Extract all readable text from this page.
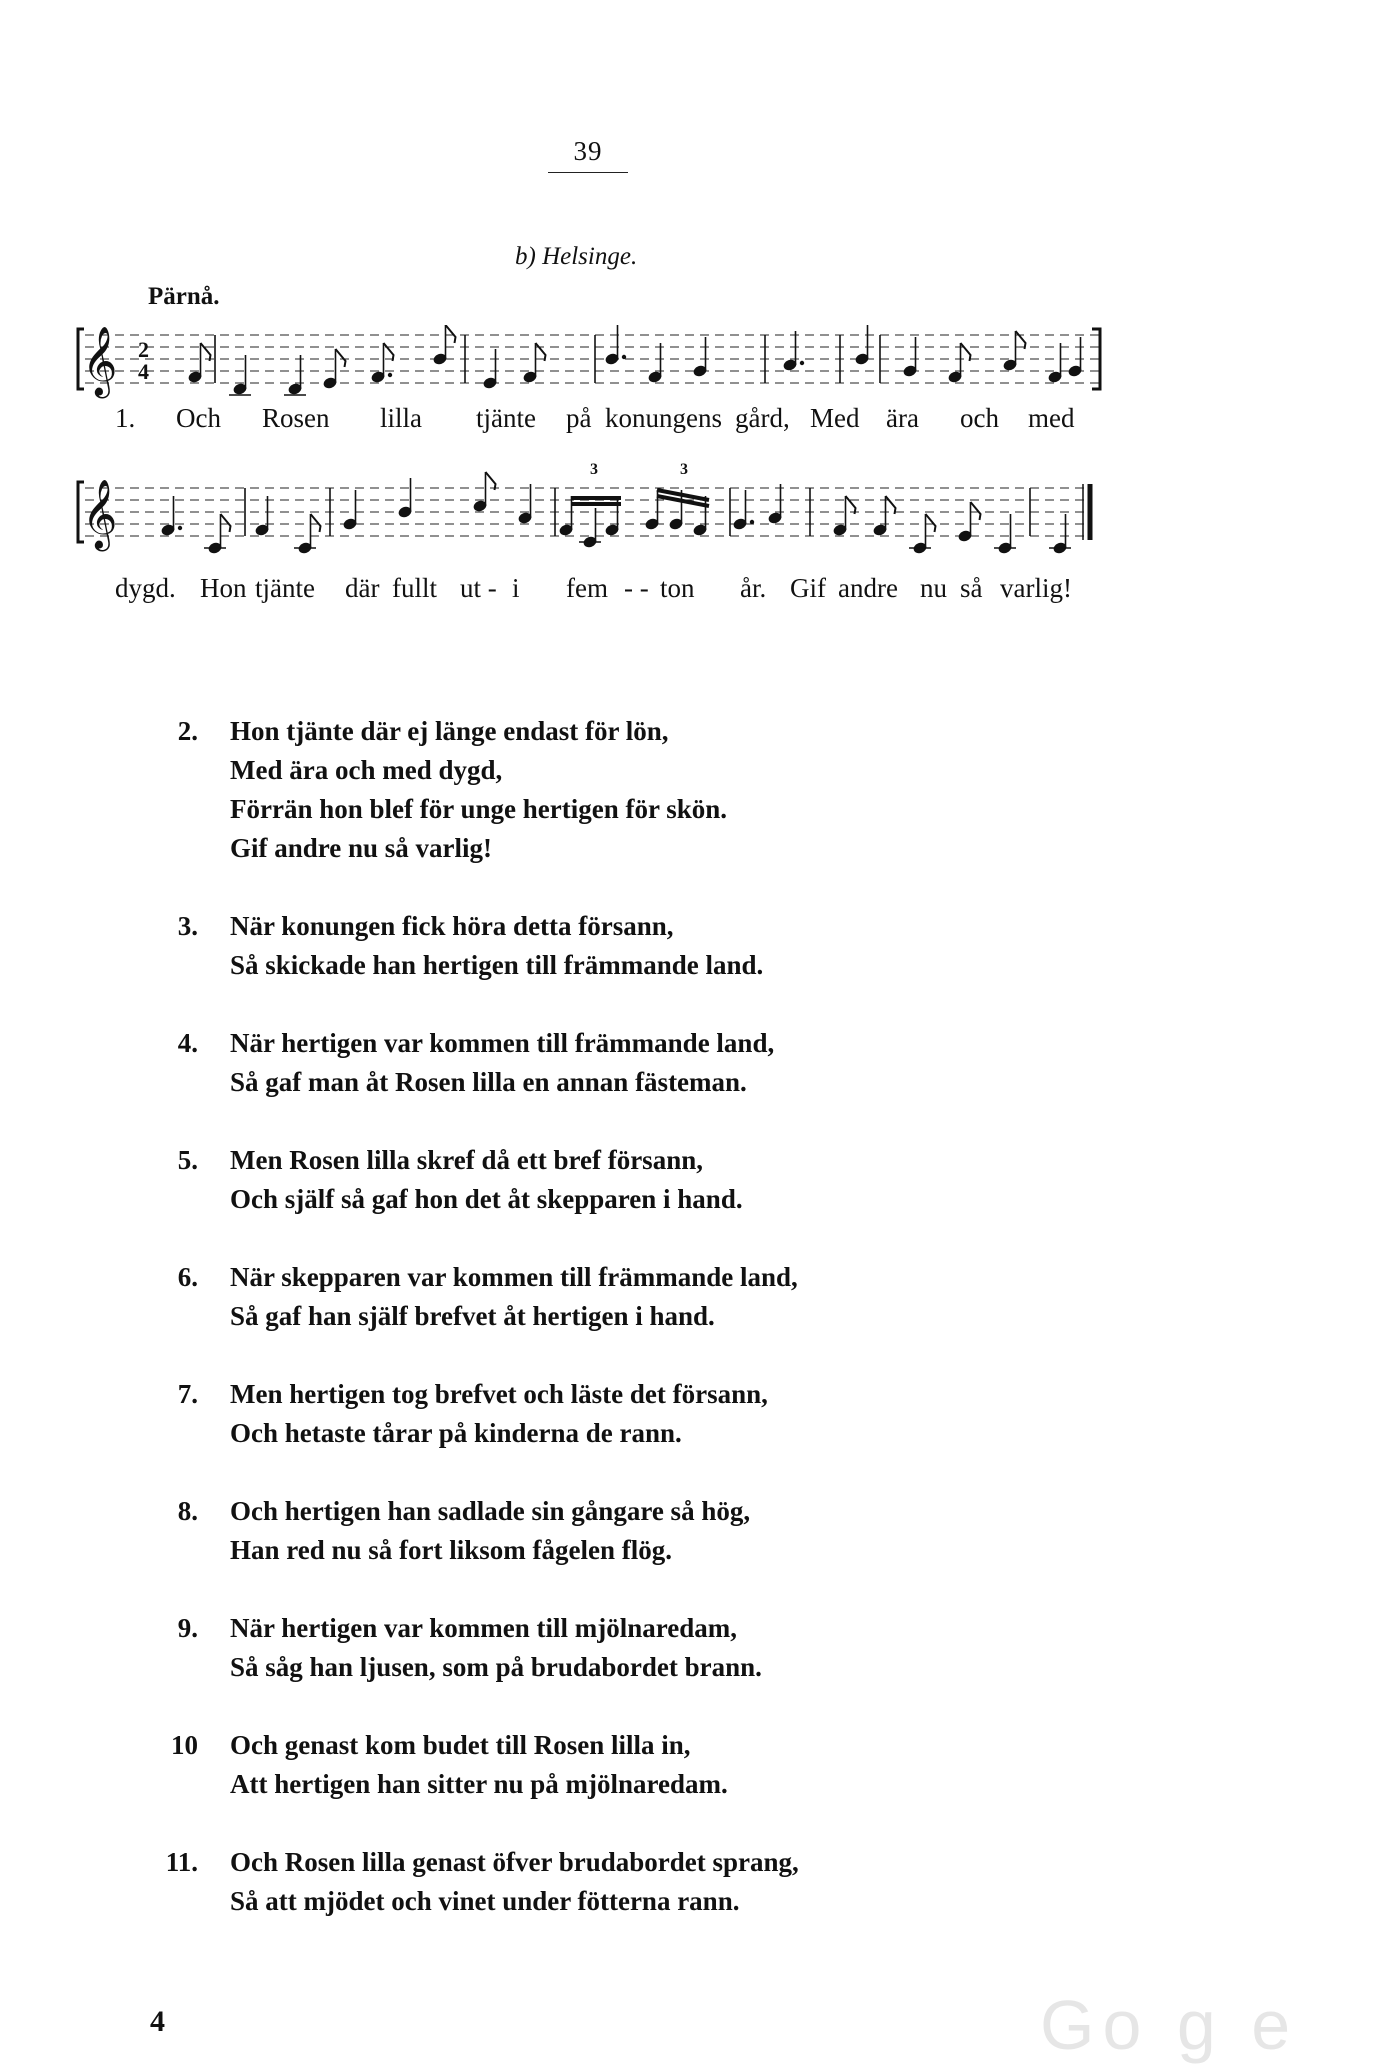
39
b) Helsinge.
Pärnå.
𝄞 2
4
1. Och Rosen lilla tjänte på konungens gård, Med ära och med
3	3
𝄞
dygd. Hon tjänte där fullt ut - i fem - - ton år. Gif andre nu så varlig!
2. Hon tjänte där ej länge endast för lön,
Med ära och med dygd,
Förrän hon blef för unge hertigen för skön.
Gif andre nu så varlig!
3. När konungen fick höra detta försann,
Så skickade han hertigen till främmande land.
4. När hertigen var kommen till främmande land,
Så gaf man åt Rosen lilla en annan fästeman.
5. Men Rosen lilla skref då ett bref försann,
Och själf så gaf hon det åt skepparen i hand.
6. När skepparen var kommen till främmande land,
Så gaf han själf brefvet åt hertigen i hand.
7. Men hertigen tog brefvet och läste det försann,
Och hetaste tårar på kinderna de rann.
8. Och hertigen han sadlade sin gångare så hög,
Han red nu så fort liksom fågelen flög.
9. När hertigen var kommen till mjölnaredam,
Så såg han ljusen, som på brudabordet brann.
10 Och genast kom budet till Rosen lilla in,
Att hertigen han sitter nu på mjölnaredam.
11. Och Rosen lilla genast öfver brudabordet sprang,
Så att mjödet och vinet under fötterna rann.
4	Go g e
